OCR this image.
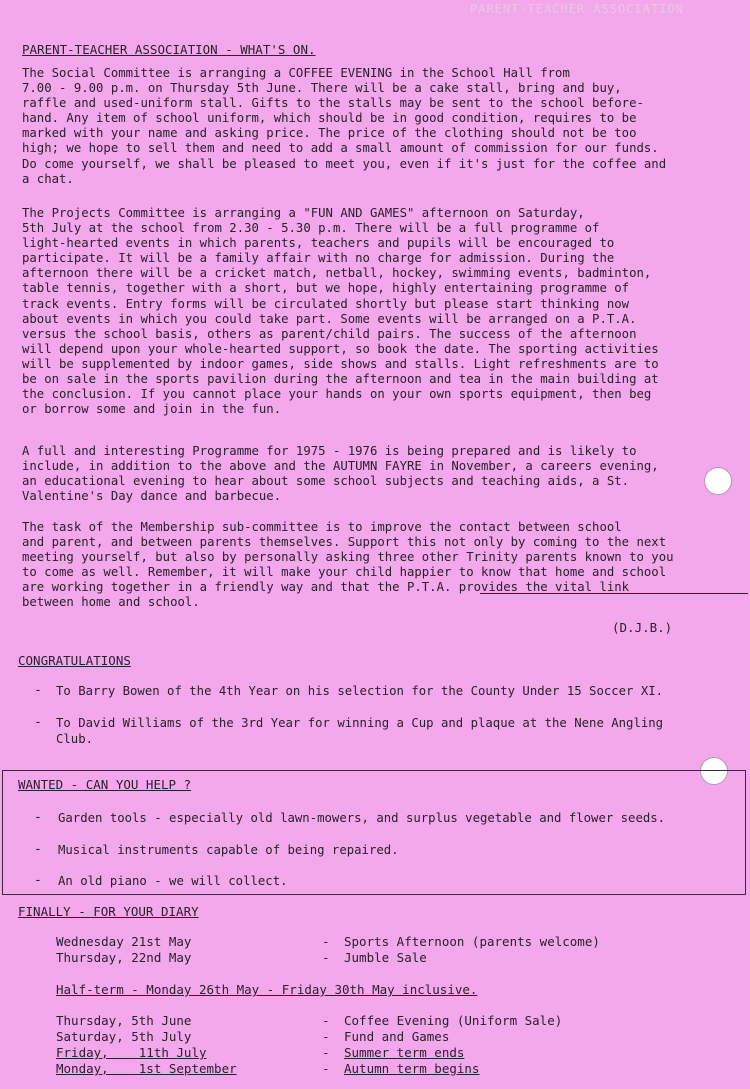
PARENT-TEACHER ASSOCIATION
PARENT-TEACHER ASSOCIATION - WHAT'S ON.
The Social Committee is arranging a COFFEE EVENING in the School Hall from
7.00 - 9.00 p.m. on Thursday 5th June. There will be a cake stall, bring and buy,
raffle and used-uniform stall. Gifts to the stalls may be sent to the school before-
hand. Any item of school uniform, which should be in good condition, requires to be
marked with your name and asking price. The price of the clothing should not be too
high; we hope to sell them and need to add a small amount of commission for our funds.
Do come yourself, we shall be pleased to meet you, even if it's just for the coffee and
a chat.
The Projects Committee is arranging a "FUN AND GAMES" afternoon on Saturday,
5th July at the school from 2.30 - 5.30 p.m. There will be a full programme of
light-hearted events in which parents, teachers and pupils will be encouraged to
participate. It will be a family affair with no charge for admission. During the
afternoon there will be a cricket match, netball, hockey, swimming events, badminton,
table tennis, together with a short, but we hope, highly entertaining programme of
track events. Entry forms will be circulated shortly but please start thinking now
about events in which you could take part. Some events will be arranged on a P.T.A.
versus the school basis, others as parent/child pairs. The success of the afternoon
will depend upon your whole-hearted support, so book the date. The sporting activities
will be supplemented by indoor games, side shows and stalls. Light refreshments are to
be on sale in the sports pavilion during the afternoon and tea in the main building at
the conclusion. If you cannot place your hands on your own sports equipment, then beg
or borrow some and join in the fun.
A full and interesting Programme for 1975 - 1976 is being prepared and is likely to
include, in addition to the above and the AUTUMN FAYRE in November, a careers evening,
an educational evening to hear about some school subjects and teaching aids, a St.
Valentine's Day dance and barbecue.
The task of the Membership sub-committee is to improve the contact between school
and parent, and between parents themselves. Support this not only by coming to the next
meeting yourself, but also by personally asking three other Trinity parents known to you
to come as well. Remember, it will make your child happier to know that home and school
are working together in a friendly way and that the P.T.A. provides the vital link
between home and school.
(D.J.B.)
CONGRATULATIONS
- To Barry Bowen of the 4th Year on his selection for the County Under 15 Soccer XI.
- To David Williams of the 3rd Year for winning a Cup and plaque at the Nene Angling
Club.
WANTED - CAN YOU HELP ?
- Garden tools - especially old lawn-mowers, and surplus vegetable and flower seeds.
- Musical instruments capable of being repaired.
- An old piano - we will collect.
FINALLY - FOR YOUR DIARY
Wednesday 21st May	- Sports Afternoon (parents welcome)
Thursday, 22nd May	- Jumble Sale
Half-term - Monday 26th May - Friday 30th May inclusive.
Thursday, 5th June	- Coffee Evening (Uniform Sale)
Saturday, 5th July	- Fund and Games
Friday,    11th July	- Summer term ends
Monday,    1st September	- Autumn term begins
